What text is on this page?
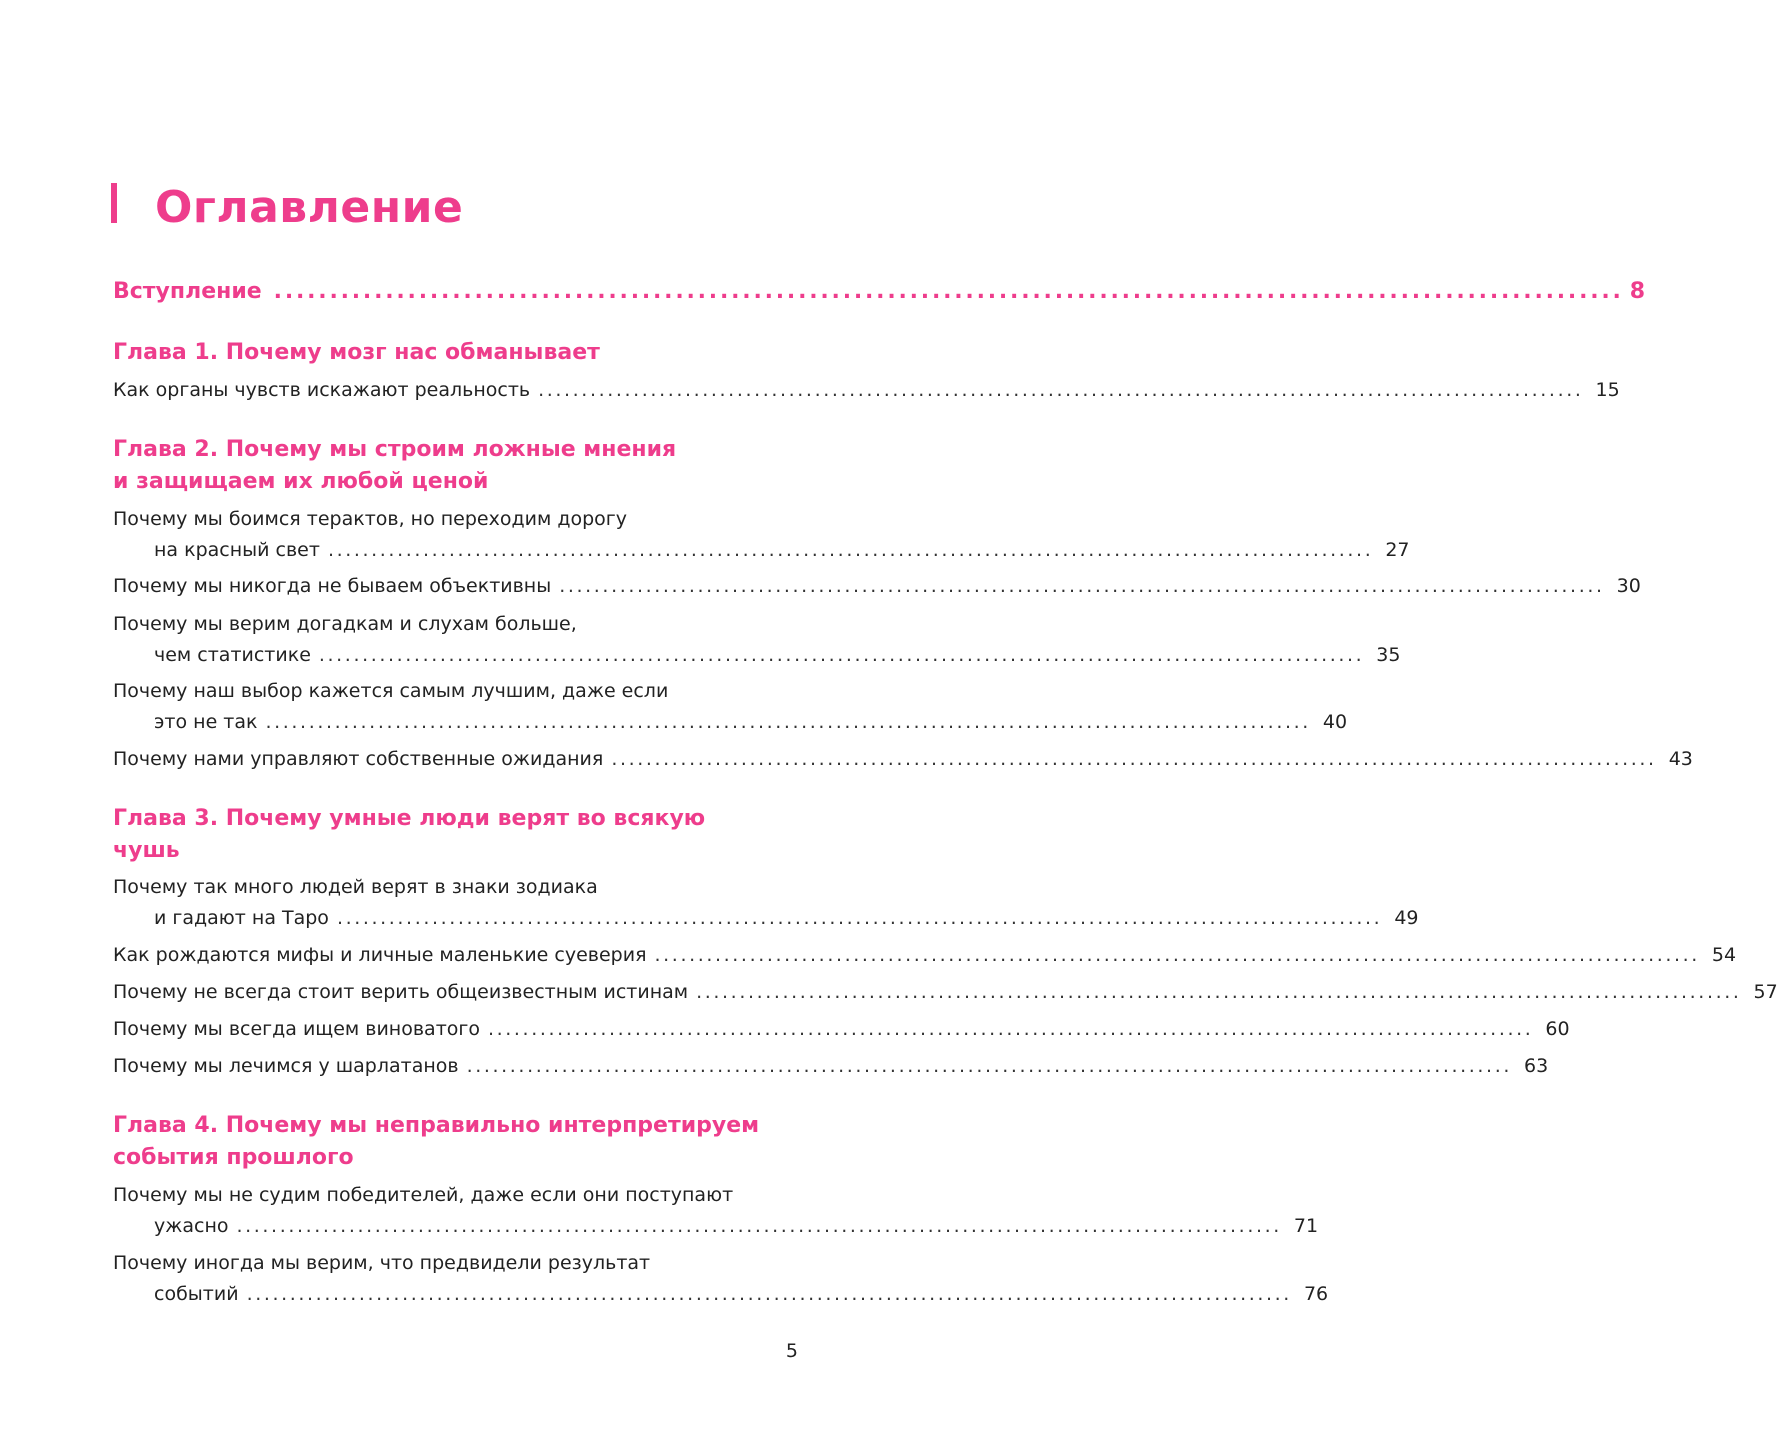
Оглавление
Вступление ......................................................................................................................... 8
Глава 1. Почему мозг нас обманывает
Как органы чувств искажают реальность ......................................................................................................................... 15
Глава 2. Почему мы строим ложные мнения
и защищаем их любой ценой
Почему мы боимся терактов, но переходим дорогу
на красный свет ......................................................................................................................... 27
Почему мы никогда не бываем объективны ......................................................................................................................... 30
Почему мы верим догадкам и слухам больше,
чем статистике ......................................................................................................................... 35
Почему наш выбор кажется самым лучшим, даже если
это не так ......................................................................................................................... 40
Почему нами управляют собственные ожидания ......................................................................................................................... 43
Глава 3. Почему умные люди верят во всякую
чушь
Почему так много людей верят в знаки зодиака
и гадают на Таро ......................................................................................................................... 49
Как рождаются мифы и личные маленькие суеверия ......................................................................................................................... 54
Почему не всегда стоит верить общеизвестным истинам ......................................................................................................................... 57
Почему мы всегда ищем виноватого ......................................................................................................................... 60
Почему мы лечимся у шарлатанов ......................................................................................................................... 63
Глава 4. Почему мы неправильно интерпретируем
события прошлого
Почему мы не судим победителей, даже если они поступают
ужасно ......................................................................................................................... 71
Почему иногда мы верим, что предвидели результат
событий ......................................................................................................................... 76
5
